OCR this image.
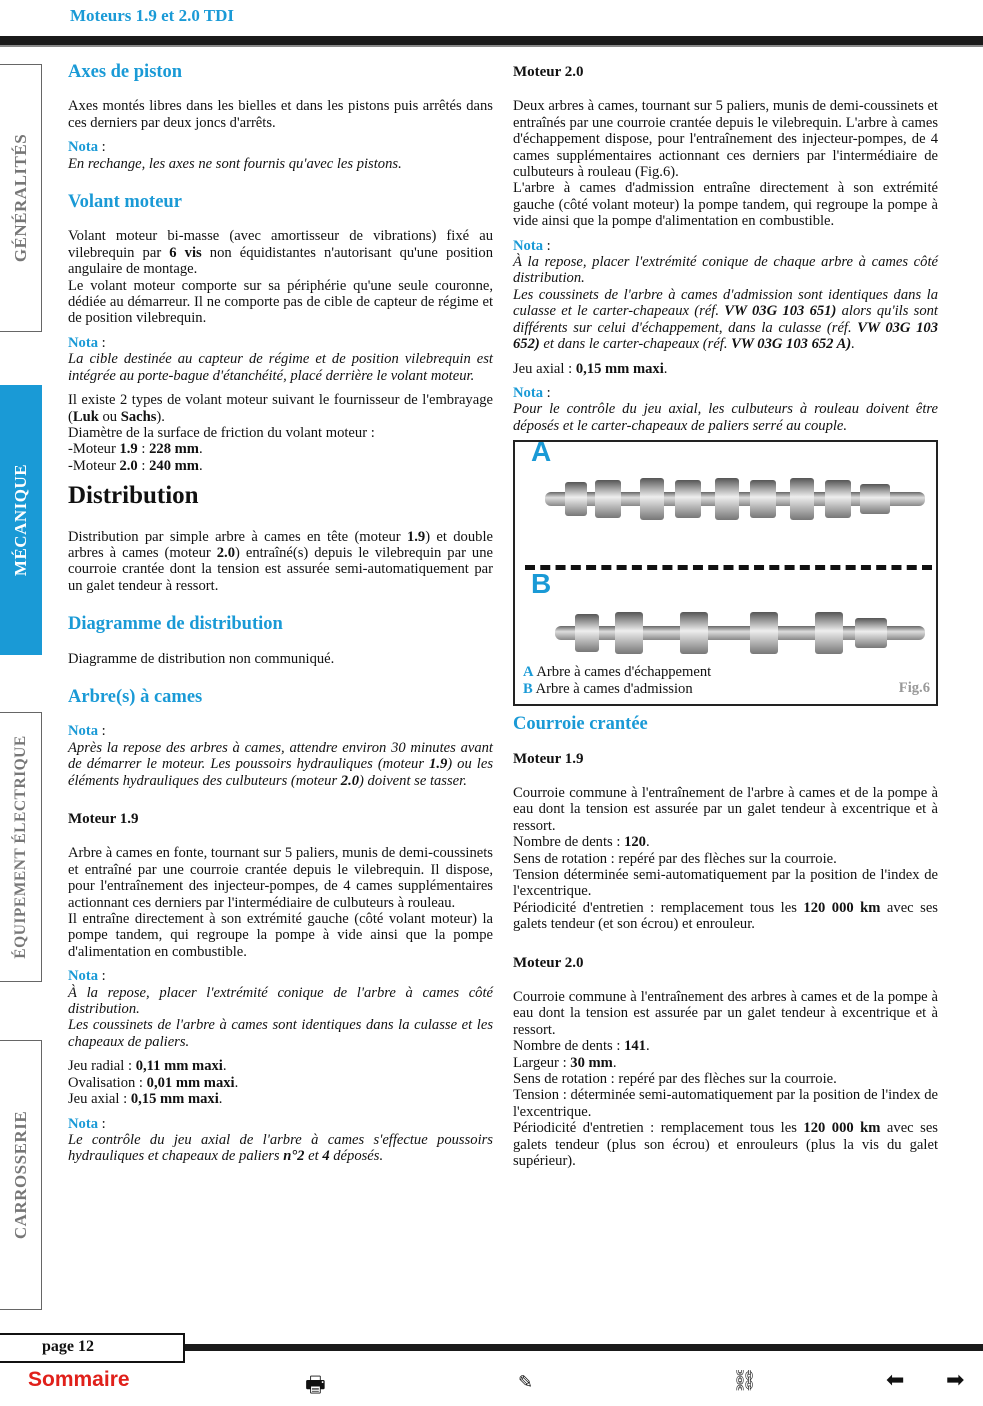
Moteurs 1.9 et 2.0 TDI
GÉNÉRALITÉS
MÉCANIQUE
ÉQUIPEMENT ÉLECTRIQUE
CARROSSERIE
Axes de piston

Axes montés libres dans les bielles et dans les pistons puis arrêtés dans ces derniers par deux joncs d'arrêts.

Nota :

En rechange, les axes ne sont fournis qu'avec les pistons.

Volant moteur

Volant moteur bi-masse (avec amortisseur de vibrations) fixé au vilebrequin par 6 vis non équidistantes n'autorisant qu'une position angulaire de montage.

Le volant moteur comporte sur sa périphérie qu'une seule couronne, dédiée au démarreur. Il ne comporte pas de cible de capteur de régime et de position vilebrequin.

Nota :

La cible destinée au capteur de régime et de position vilebrequin est intégrée au porte-bague d'étanchéité, placé derrière le volant moteur.

Il existe 2 types de volant moteur suivant le fournisseur de l'embrayage (Luk ou Sachs).

Diamètre de la surface de friction du volant moteur :

-Moteur 1.9 : 228 mm.

-Moteur 2.0 : 240 mm.

Distribution

Distribution par simple arbre à cames en tête (moteur 1.9) et double arbres à cames (moteur 2.0) entraîné(s) depuis le vilebrequin par une courroie crantée dont la tension est assurée semi-automatiquement par un galet tendeur à ressort.

Diagramme de distribution

Diagramme de distribution non communiqué.

Arbre(s) à cames

Nota :

Après la repose des arbres à cames, attendre environ 30 minutes avant de démarrer le moteur. Les poussoirs hydrauliques (moteur 1.9) ou les éléments hydrauliques des culbuteurs (moteur 2.0) doivent se tasser.

Moteur 1.9

Arbre à cames en fonte, tournant sur 5 paliers, munis de demi-coussinets et entraîné par une courroie crantée depuis le vilebrequin. Il dispose, pour l'entraînement des injecteur-pompes, de 4 cames supplémentaires actionnant ces derniers par l'intermédiaire de culbuteurs à rouleau.

Il entraîne directement à son extrémité gauche (côté volant moteur) la pompe tandem, qui regroupe la pompe à vide ainsi que la pompe d'alimentation en combustible.

Nota :

À la repose, placer l'extrémité conique de l'arbre à cames côté distribution.

Les coussinets de l'arbre à cames sont identiques dans la culasse et les chapeaux de paliers.

Jeu radial : 0,11 mm maxi.

Ovalisation : 0,01 mm maxi.

Jeu axial : 0,15 mm maxi.

Nota :

Le contrôle du jeu axial de l'arbre à cames s'effectue poussoirs hydrauliques et chapeaux de paliers n°2 et 4 déposés.

Moteur 2.0

Deux arbres à cames, tournant sur 5 paliers, munis de demi-coussinets et entraînés par une courroie crantée depuis le vilebrequin. L'arbre à cames d'échappement dispose, pour l'entraînement des injecteur-pompes, de 4 cames supplémentaires actionnant ces derniers par l'intermédiaire de culbuteurs à rouleau (Fig.6).

L'arbre à cames d'admission entraîne directement à son extrémité gauche (côté volant moteur) la pompe tandem, qui regroupe la pompe à vide ainsi que la pompe d'alimentation en combustible.

Nota :

À la repose, placer l'extrémité conique de chaque arbre à cames côté distribution.

Les coussinets de l'arbre à cames d'admission sont identiques dans la culasse et le carter-chapeaux (réf. VW 03G 103 651) alors qu'ils sont différents sur celui d'échappement, dans la culasse (réf. VW 03G 103 652) et dans le carter-chapeaux (réf. VW 03G 103 652 A).

Jeu axial : 0,15 mm maxi.

Nota :

Pour le contrôle du jeu axial, les culbuteurs à rouleau doivent être déposés et le carter-chapeaux de paliers serré au couple.

A
B
A Arbre à cames d'échappement
B Arbre à cames d'admission	Fig.6
Courroie crantée
Moteur 1.9

Courroie commune à l'entraînement de l'arbre à cames et de la pompe à eau dont la tension est assurée par un galet tendeur à excentrique et à ressort.

Nombre de dents : 120.

Sens de rotation : repéré par des flèches sur la courroie.

Tension déterminée semi-automatiquement par la position de l'index de l'excentrique.

Périodicité d'entretien : remplacement tous les 120 000 km avec ses galets tendeur (et son écrou) et enrouleur.

Moteur 2.0

Courroie commune à l'entraînement des arbres à cames et de la pompe à eau dont la tension est assurée par un galet tendeur à excentrique et à ressort.

Nombre de dents : 141.

Largeur : 30 mm.

Sens de rotation : repéré par des flèches sur la courroie.

Tension : déterminée semi-automatiquement par la position de l'index de l'excentrique.

Périodicité d'entretien : remplacement tous les 120 000 km avec ses galets tendeur (plus son écrou) et enrouleurs (plus la vis du galet supérieur).

page 12
Sommaire	🖶	✎	⛓	⬅ ➡
